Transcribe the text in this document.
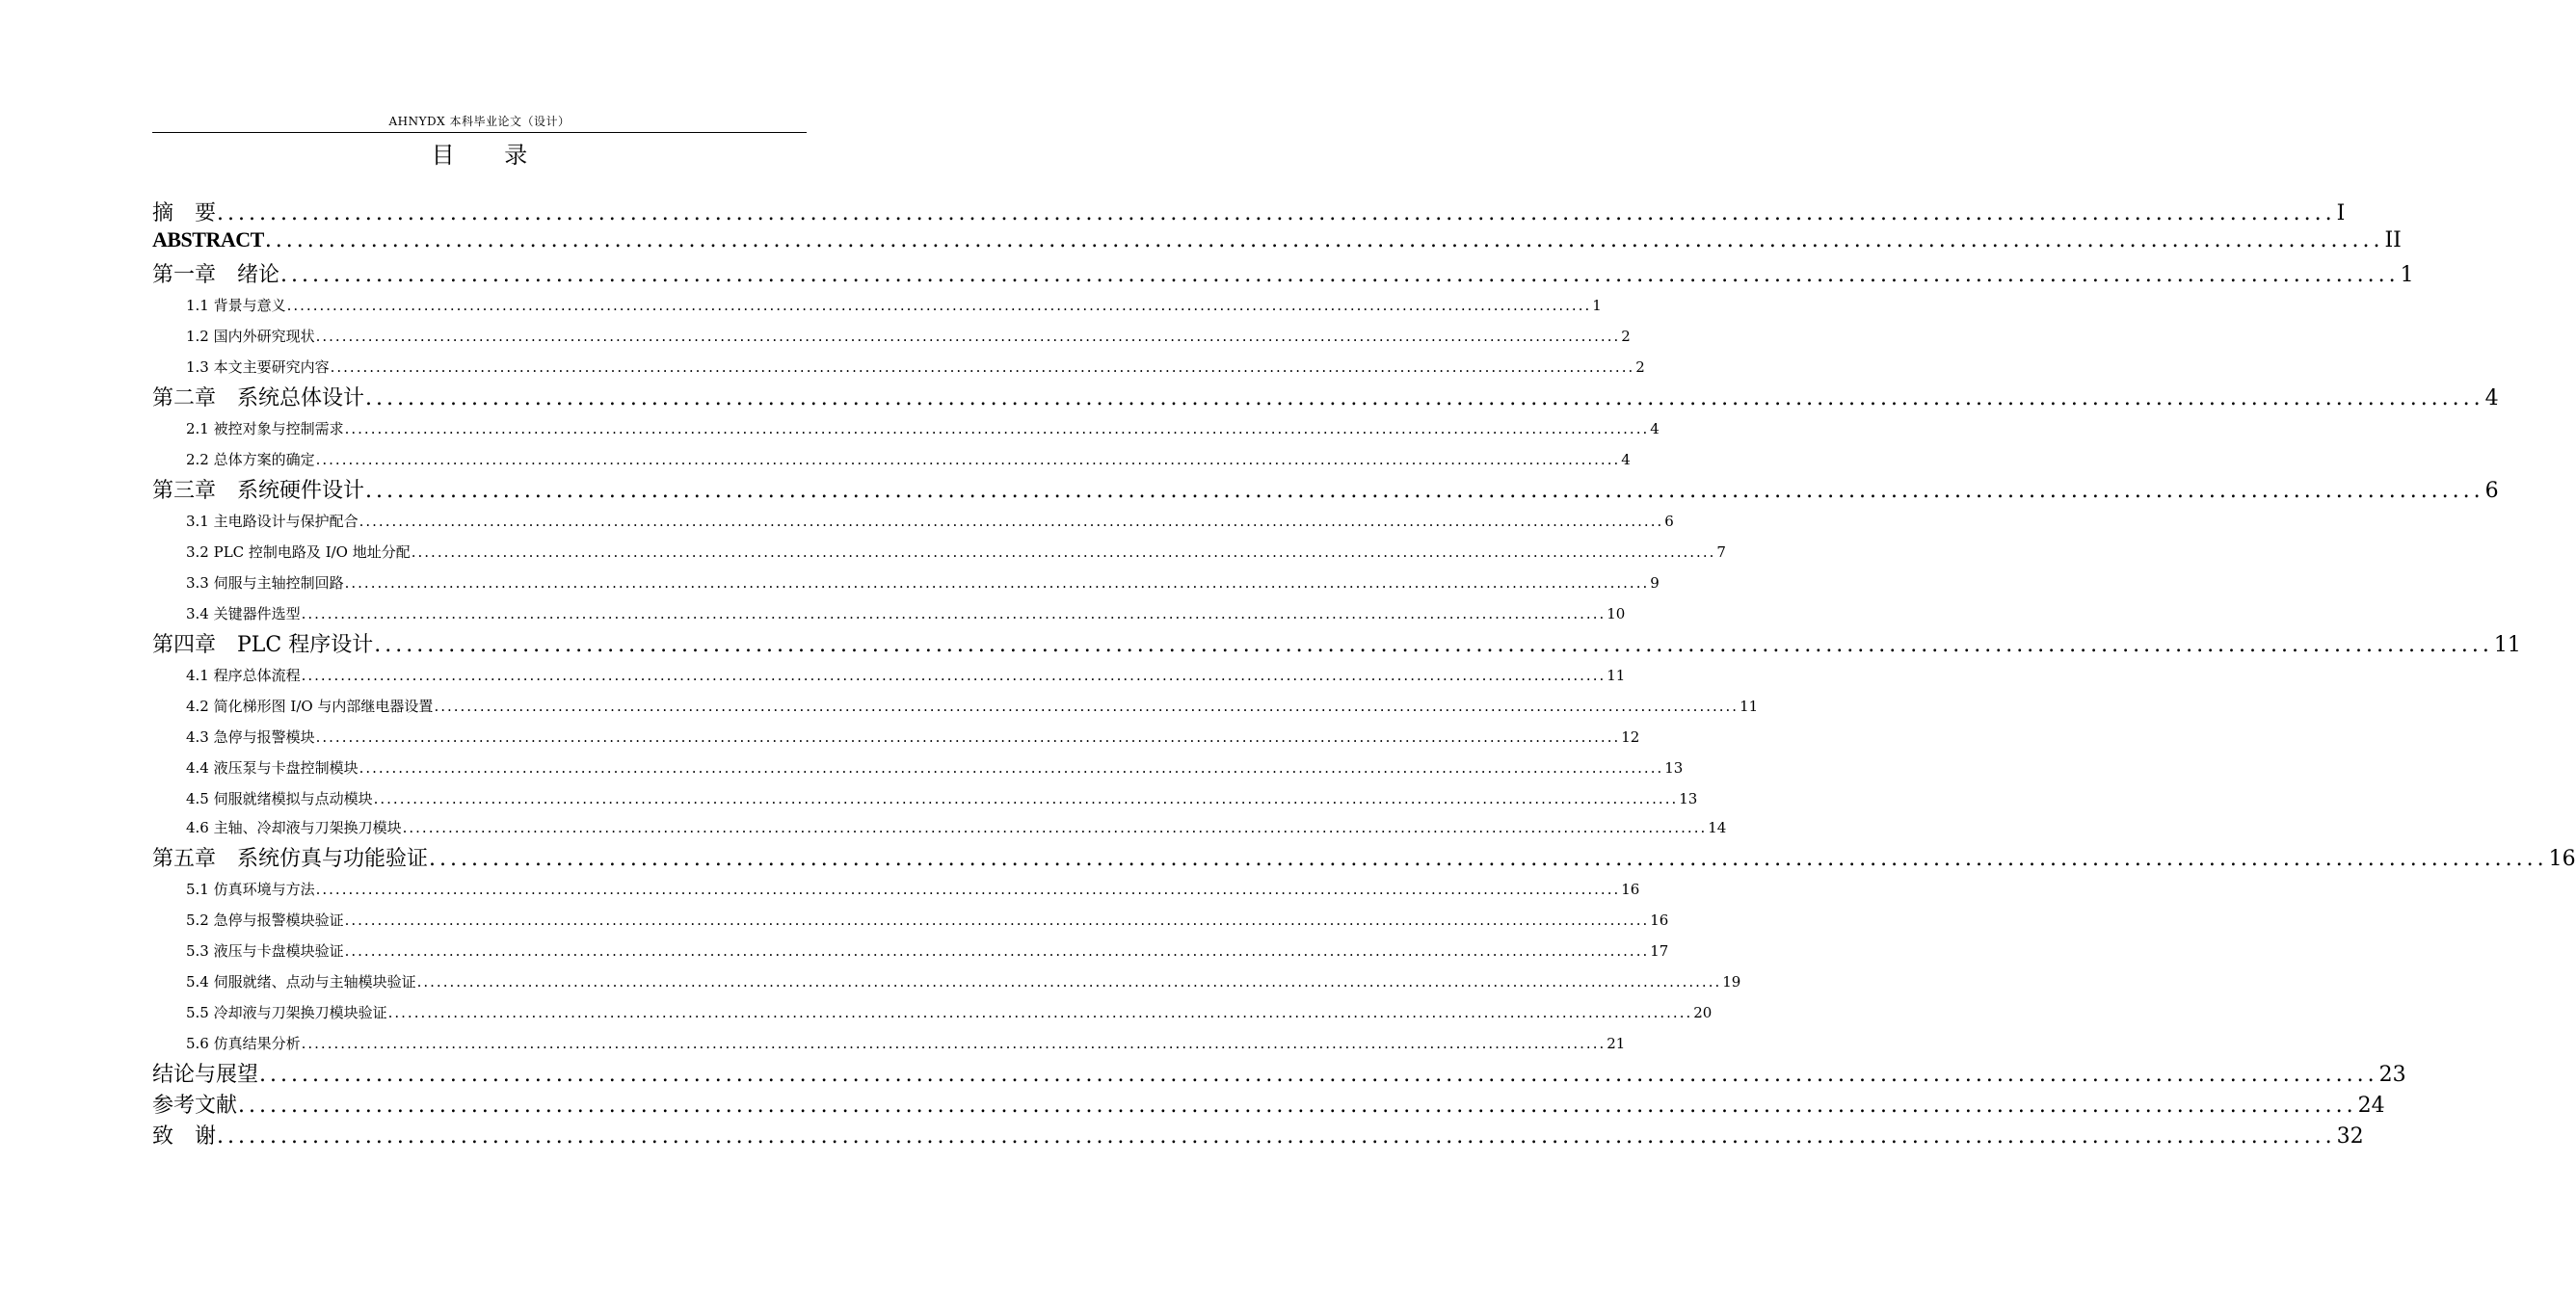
AHNYDX 本科毕业论文（设计）
目 录
摘　要 ........................................................................................................................................................................................................ I
ABSTRACT ........................................................................................................................................................................................................ II
第一章　绪论 ........................................................................................................................................................................................................ 1
1.1 背景与意义 ........................................................................................................................................................................................................ 1
1.2 国内外研究现状 ........................................................................................................................................................................................................ 2
1.3 本文主要研究内容 ........................................................................................................................................................................................................ 2
第二章　系统总体设计 ........................................................................................................................................................................................................ 4
2.1 被控对象与控制需求 ........................................................................................................................................................................................................ 4
2.2 总体方案的确定 ........................................................................................................................................................................................................ 4
第三章　系统硬件设计 ........................................................................................................................................................................................................ 6
3.1 主电路设计与保护配合 ........................................................................................................................................................................................................ 6
3.2 PLC 控制电路及 I/O 地址分配 ........................................................................................................................................................................................................ 7
3.3 伺服与主轴控制回路 ........................................................................................................................................................................................................ 9
3.4 关键器件选型 ........................................................................................................................................................................................................ 10
第四章　PLC 程序设计 ........................................................................................................................................................................................................ 11
4.1 程序总体流程 ........................................................................................................................................................................................................ 11
4.2 简化梯形图 I/O 与内部继电器设置 ........................................................................................................................................................................................................ 11
4.3 急停与报警模块 ........................................................................................................................................................................................................ 12
4.4 液压泵与卡盘控制模块 ........................................................................................................................................................................................................ 13
4.5 伺服就绪模拟与点动模块 ........................................................................................................................................................................................................ 13
4.6 主轴、冷却液与刀架换刀模块 ........................................................................................................................................................................................................ 14
第五章　系统仿真与功能验证 ........................................................................................................................................................................................................ 16
5.1 仿真环境与方法 ........................................................................................................................................................................................................ 16
5.2 急停与报警模块验证 ........................................................................................................................................................................................................ 16
5.3 液压与卡盘模块验证 ........................................................................................................................................................................................................ 17
5.4 伺服就绪、点动与主轴模块验证 ........................................................................................................................................................................................................ 19
5.5 冷却液与刀架换刀模块验证 ........................................................................................................................................................................................................ 20
5.6 仿真结果分析 ........................................................................................................................................................................................................ 21
结论与展望 ........................................................................................................................................................................................................ 23
参考文献 ........................................................................................................................................................................................................ 24
致　谢 ........................................................................................................................................................................................................ 32
